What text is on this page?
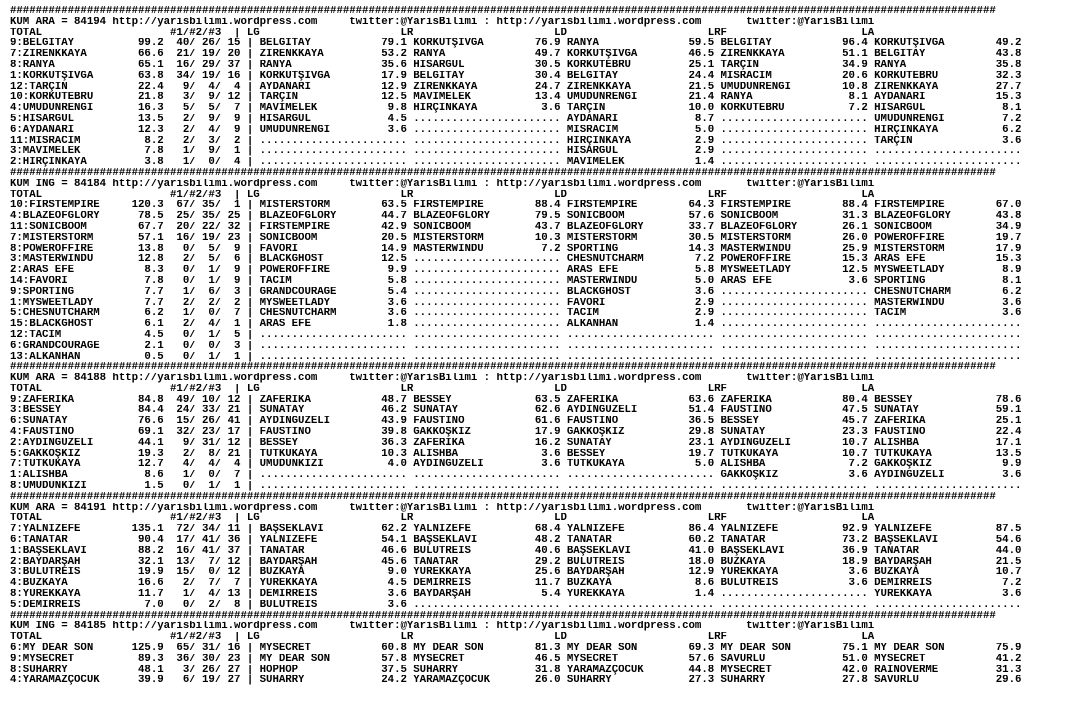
##########################################################################################################################################################
KUM ARA = 84194 http://yarisbilimi.wordpress.com     twitter:@YarisBilimi : http://yarisbilimi.wordpress.com       twitter:@YarisBilimi
TOTAL                    #1/#2/#3  | LG                      LR                      LD                      LRF                     LA
9:BELGITAY          99.2  40/ 26/ 15 | BELGİTAY           79.1 KORKUTŞIVGA        76.9 RANYA              59.5 BELGİTAY           96.4 KORKUTŞIVGA        49.2
7:ZIRENKKAYA        66.6  21/ 19/ 20 | ZİRENKKAYA         53.2 RANYA              49.7 KORKUTŞIVGA        46.5 ZİRENKKAYA         51.1 BELGİTAY           43.8
8:RANYA             65.1  16/ 29/ 37 | RANYA              35.6 HİSARGÜL           30.5 KORKUTEBRU         25.1 TARÇİN             34.9 RANYA              35.8
1:KORKUTŞIVGA       63.8  34/ 19/ 16 | KORKUTŞIVGA        17.9 BELGİTAY           30.4 BELGİTAY           24.4 MISRACIM           20.6 KORKUTEBRU         32.3
12:TARÇIN           22.4   9/  4/  4 | AYDANARI           12.9 ZİRENKKAYA         24.7 ZİRENKKAYA         21.5 UMUDUNRENGİ        10.8 ZİRENKKAYA         27.7
10:KORKUTEBRU       21.8   3/  9/ 12 | TARÇIN             12.5 MAVİMELEK          13.4 UMUDUNRENGİ        21.4 RANYA               8.1 AYDANARI           15.3
4:UMUDUNRENGİ       16.3   5/  5/  7 | MAVİMELEK           9.8 HIRÇINKAYA          3.6 TARÇIN             10.0 KORKUTEBRU          7.2 HİSARGÜL            8.1
5:HİSARGÜL          13.5   2/  9/  9 | HİSARGÜL            4.5 ....................... AYDANARI            8.7 ....................... UMUDUNRENGİ         7.2
6:AYDANARI          12.3   2/  4/  9 | UMUDUNRENGİ         3.6 ....................... MISRACIM            5.0 ....................... HIRÇINKAYA          6.2
11:MISRACIM          8.2   2/  3/  2 | ....................... ....................... HIRÇINKAYA          2.9 ....................... TARÇIN              3.6
3:MAVİMELEK          7.8   1/  9/  1 | ....................... ....................... HİSARGÜL            2.9 ....................... .......................
2:HIRÇINKAYA         3.8   1/  0/  4 | ....................... ....................... MAVİMELEK           1.4 ....................... .......................
##########################################################################################################################################################
KUM ING = 84184 http://yarisbilimi.wordpress.com     twitter:@YarisBilimi : http://yarisbilimi.wordpress.com       twitter:@YarisBilimi
TOTAL                    #1/#2/#3  | LG                      LR                      LD                      LRF                     LA
10:FIRSTEMPIRE     120.3  67/ 35/  1 | MISTERSTORM        63.5 FIRSTEMPIRE        88.4 FIRSTEMPIRE        64.3 FIRSTEMPIRE        88.4 FIRSTEMPIRE        67.0
4:BLAZEOFGLORY      78.5  25/ 35/ 25 | BLAZEOFGLORY       44.7 BLAZEOFGLORY       79.5 SONICBOOM          57.6 SONICBOOM          31.3 BLAZEOFGLORY       43.8
11:SONICBOOM        67.7  20/ 22/ 32 | FIRSTEMPIRE        42.9 SONICBOOM          43.7 BLAZEOFGLORY       33.7 BLAZEOFGLORY       26.1 SONICBOOM          34.9
7:MISTERSTORM       57.1  16/ 19/ 23 | SONICBOOM          20.5 MISTERSTORM        10.3 MISTERSTORM        30.5 MISTERSTORM        26.0 POWEROFFIRE        19.7
8:POWEROFFIRE       13.8   0/  5/  9 | FAVORİ             14.9 MASTERWINDU         7.2 SPORTING           14.3 MASTERWINDU        25.9 MISTERSTORM        17.9
3:MASTERWINDU       12.8   2/  5/  6 | BLACKGHOST         12.5 ....................... CHESNUTCHARM        7.2 POWEROFFIRE        15.3 ARAS EFE           15.3
2:ARAS EFE           8.3   0/  1/  9 | POWEROFFIRE         9.9 ....................... ARAS EFE            5.8 MYSWEETLADY        12.5 MYSWEETLADY         8.9
14:FAVORİ            7.8   0/  1/  9 | TACIM               5.8 ....................... MASTERWINDU         5.0 ARAS EFE            3.6 SPORTING            8.1
9:SPORTING           7.7   1/  6/  3 | GRANDCOURAGE        5.4 ....................... BLACKGHOST          3.6 ....................... CHESNUTCHARM        6.2
1:MYSWEETLADY        7.7   2/  2/  2 | MYSWEETLADY         3.6 ....................... FAVORİ              2.9 ....................... MASTERWINDU         3.6
5:CHESNUTCHARM       6.2   1/  0/  7 | CHESNUTCHARM        3.6 ....................... TACIM               2.9 ....................... TACIM               3.6
15:BLACKGHOST        6.1   2/  4/  1 | ARAS EFE            1.8 ....................... ALKANHAN            1.4 ....................... .......................
12:TACIM             4.5   0/  1/  5 | ....................... ....................... ....................... ....................... .......................
6:GRANDCOURAGE       2.1   0/  0/  3 | ....................... ....................... ....................... ....................... .......................
13:ALKANHAN          0.5   0/  1/  1 | ....................... ....................... ....................... ....................... .......................
##########################################################################################################################################################
KUM ARA = 84188 http://yarisbilimi.wordpress.com     twitter:@YarisBilimi : http://yarisbilimi.wordpress.com       twitter:@YarisBilimi
TOTAL                    #1/#2/#3  | LG                      LR                      LD                      LRF                     LA
9:ZAFERİKA          84.8  49/ 10/ 12 | ZAFERİKA           48.7 BESSEY             63.5 ZAFERİKA           63.6 ZAFERİKA           80.4 BESSEY             78.6
3:BESSEY            84.4  24/ 33/ 21 | SUNATAY            46.2 SUNATAY            62.6 AYDINGÜZELİ        51.4 FAUSTINO           47.5 SUNATAY            59.1
6:SUNATAY           76.6  15/ 26/ 41 | AYDINGÜZELİ        43.9 FAUSTINO           61.6 FAUSTINO           36.5 BESSEY             45.7 ZAFERİKA           25.1
4:FAUSTINO          69.1  32/ 23/ 17 | FAUSTINO           39.8 GAKKOŞKIZ          17.9 GAKKOŞKIZ          29.8 SUNATAY            23.3 FAUSTINO           22.4
2:AYDINGÜZELİ       44.1   9/ 31/ 12 | BESSEY             36.3 ZAFERİKA           16.2 SUNATAY            23.1 AYDINGÜZELİ        10.7 ALISHBA            17.1
5:GAKKOŞKIZ         19.3   2/  8/ 21 | TUTKUKAYA          10.3 ALISHBA             3.6 BESSEY             19.7 TUTKUKAYA          10.7 TUTKUKAYA          13.5
7:TUTKUKAYA         12.7   4/  4/  4 | UMUDUNKIZI          4.0 AYDINGÜZELİ         3.6 TUTKUKAYA           5.0 ALISHBA             7.2 GAKKOŞKIZ           9.9
1:ALISHBA            8.6   1/  0/  7 | ....................... ....................... ....................... GAKKOŞKIZ           3.6 AYDINGÜZELİ         3.6
8:UMUDUNKIZI         1.5   0/  1/  1 | ....................... ....................... ....................... ....................... .......................
##########################################################################################################################################################
KUM ARA = 84191 http://yarisbilimi.wordpress.com     twitter:@YarisBilimi : http://yarisbilimi.wordpress.com       twitter:@YarisBilimi
TOTAL                    #1/#2/#3  | LG                      LR                      LD                      LRF                     LA
7:YALNIZEFE        135.1  72/ 34/ 11 | BAŞSEKLAVİ         62.2 YALNIZEFE          68.4 YALNIZEFE          86.4 YALNIZEFE          92.9 YALNIZEFE          87.5
6:TANATAR           90.4  17/ 41/ 36 | YALNIZEFE          54.1 BAŞSEKLAVİ         48.2 TANATAR            60.2 TANATAR            73.2 BAŞSEKLAVİ         54.6
1:BAŞSEKLAVİ        88.2  16/ 41/ 37 | TANATAR            46.6 BULUTREIS          40.6 BAŞSEKLAVİ         41.0 BAŞSEKLAVİ         36.9 TANATAR            44.0
2:BAYDARŞAH         32.1  13/  7/ 12 | BAYDARŞAH          45.6 TANATAR            29.2 BULUTREIS          18.0 BUZKAYA            18.9 BAYDARŞAH          21.5
3:BULUTREIS         19.9  15/  0/ 12 | BUZKAYA             9.0 YÜREKKAYA          25.6 BAYDARŞAH          12.9 YÜREKKAYA           3.6 BUZKAYA            10.7
4:BUZKAYA           16.6   2/  7/  7 | YÜREKKAYA           4.5 DEMIRREIS          11.7 BUZKAYA             8.6 BULUTREIS           3.6 DEMIRREIS           7.2
8:YÜREKKAYA         11.7   1/  4/ 13 | DEMIRREIS           3.6 BAYDARŞAH           5.4 YÜREKKAYA           1.4 ....................... YÜREKKAYA           3.6
5:DEMIRREIS          7.0   0/  2/  8 | BULUTREIS           3.6 ....................... ....................... ....................... .......................
##########################################################################################################################################################
KUM ING = 84185 http://yarisbilimi.wordpress.com     twitter:@YarisBilimi : http://yarisbilimi.wordpress.com       twitter:@YarisBilimi
TOTAL                    #1/#2/#3  | LG                      LR                      LD                      LRF                     LA
6:MY DEAR SON      125.9  65/ 31/ 16 | MYSECRET           60.8 MY DEAR SON        81.3 MY DEAR SON        69.3 MY DEAR SON        75.1 MY DEAR SON        75.9
9:MYSECRET          89.3  36/ 30/ 23 | MY DEAR SON        57.8 MYSECRET           46.5 MYSECRET           57.6 SAVURLU            51.0 MYSECRET           41.2
8:SUHARRY           48.1   3/ 26/ 27 | HOPHOP             37.5 SUHARRY            31.8 YARAMAZÇOCUK       44.8 MYSECRET           42.0 RAINOVERME         31.3
4:YARAMAZÇOCUK      39.9   6/ 19/ 27 | SUHARRY            24.2 YARAMAZÇOCUK       26.0 SUHARRY            27.3 SUHARRY            27.8 SAVURLU            29.6
